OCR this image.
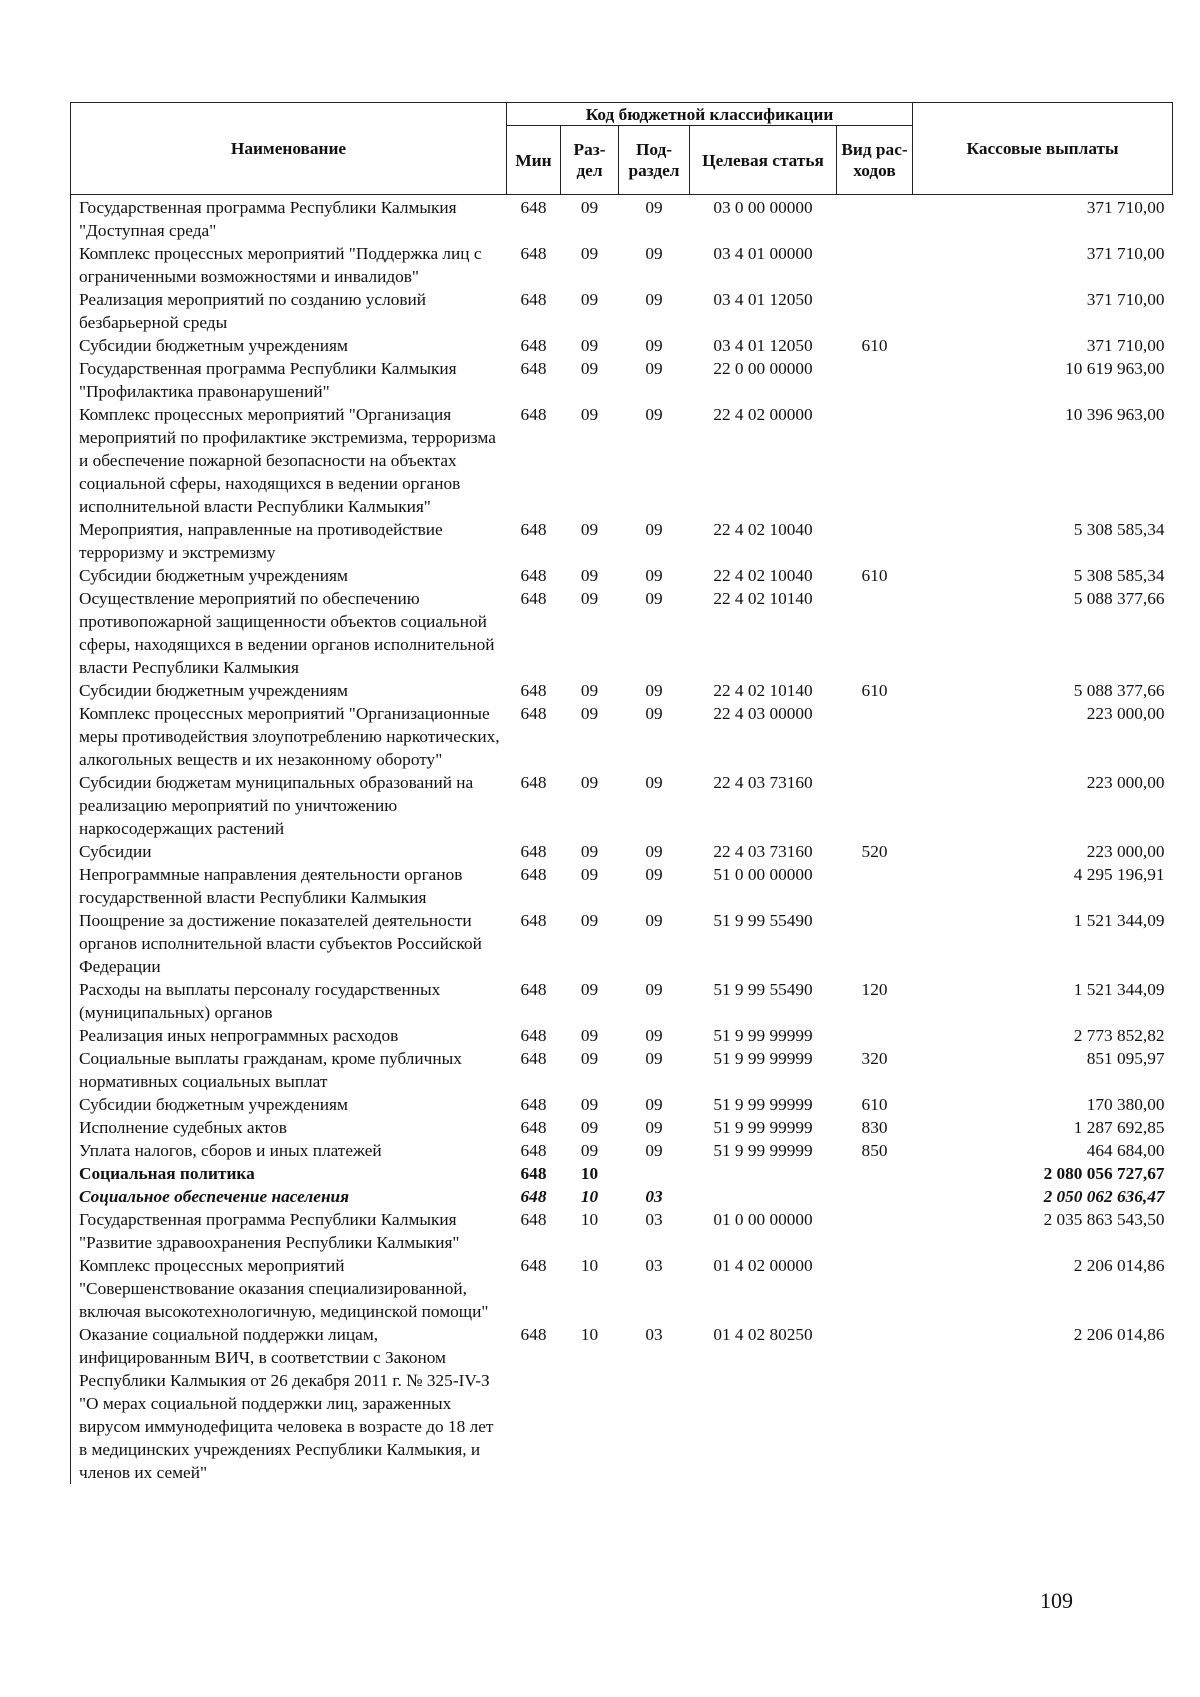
Наименование	Код бюджетной классификации					Кассовые выплаты
	Мин	Раз-дел	Под-раздел	Целевая статья	Вид рас-ходов	
Государственная программа Республики Калмыкия "Доступная среда"	648	09	09	03 0 00 00000		371 710,00
Комплекс процессных мероприятий "Поддержка лиц с ограниченными возможностями и инвалидов"	648	09	09	03 4 01 00000		371 710,00
Реализация мероприятий по созданию условий безбарьерной среды	648	09	09	03 4 01 12050		371 710,00
Субсидии бюджетным учреждениям	648	09	09	03 4 01 12050	610	371 710,00
Государственная программа Республики Калмыкия "Профилактика правонарушений"	648	09	09	22 0 00 00000		10 619 963,00
Комплекс процессных мероприятий "Организация мероприятий по профилактике экстремизма, терроризма и обеспечение пожарной безопасности на объектах социальной сферы, находящихся в ведении органов исполнительной власти Республики Калмыкия"	648	09	09	22 4 02 00000		10 396 963,00
Мероприятия, направленные на противодействие терроризму и экстремизму	648	09	09	22 4 02 10040		5 308 585,34
Субсидии бюджетным учреждениям	648	09	09	22 4 02 10040	610	5 308 585,34
Осуществление мероприятий по обеспечению противопожарной защищенности объектов социальной сферы, находящихся в ведении органов исполнительной власти Республики Калмыкия	648	09	09	22 4 02 10140		5 088 377,66
Субсидии бюджетным учреждениям	648	09	09	22 4 02 10140	610	5 088 377,66
Комплекс процессных мероприятий "Организационные меры противодействия злоупотреблению наркотических, алкогольных веществ и их незаконному обороту"	648	09	09	22 4 03 00000		223 000,00
Субсидии бюджетам муниципальных образований на реализацию мероприятий по уничтожению наркосодержащих растений	648	09	09	22 4 03 73160		223 000,00
Субсидии	648	09	09	22 4 03 73160	520	223 000,00
Непрограммные направления деятельности органов государственной власти Республики Калмыкия	648	09	09	51 0 00 00000		4 295 196,91
Поощрение за достижение показателей деятельности органов исполнительной власти субъектов Российской Федерации	648	09	09	51 9 99 55490		1 521 344,09
Расходы на выплаты персоналу государственных (муниципальных) органов	648	09	09	51 9 99 55490	120	1 521 344,09
Реализация иных непрограммных расходов	648	09	09	51 9 99 99999		2 773 852,82
Социальные выплаты гражданам, кроме публичных нормативных социальных выплат	648	09	09	51 9 99 99999	320	851 095,97
Субсидии бюджетным учреждениям	648	09	09	51 9 99 99999	610	170 380,00
Исполнение судебных актов	648	09	09	51 9 99 99999	830	1 287 692,85
Уплата налогов, сборов и иных платежей	648	09	09	51 9 99 99999	850	464 684,00
Социальная политика	648	10				2 080 056 727,67
Социальное обеспечение населения	648	10	03			2 050 062 636,47
Государственная программа Республики Калмыкия "Развитие здравоохранения Республики Калмыкия"	648	10	03	01 0 00 00000		2 035 863 543,50
Комплекс процессных мероприятий "Совершенствование оказания специализированной, включая высокотехнологичную, медицинской помощи"	648	10	03	01 4 02 00000		2 206 014,86
Оказание социальной поддержки лицам, инфицированным ВИЧ, в соответствии с Законом Республики Калмыкия от 26 декабря 2011 г. № 325-IV-З "О мерах социальной поддержки лиц, зараженных вирусом иммунодефицита человека в возрасте до 18 лет в медицинских учреждениях Республики Калмыкия, и членов их семей"	648	10	03	01 4 02 80250		2 206 014,86
109
